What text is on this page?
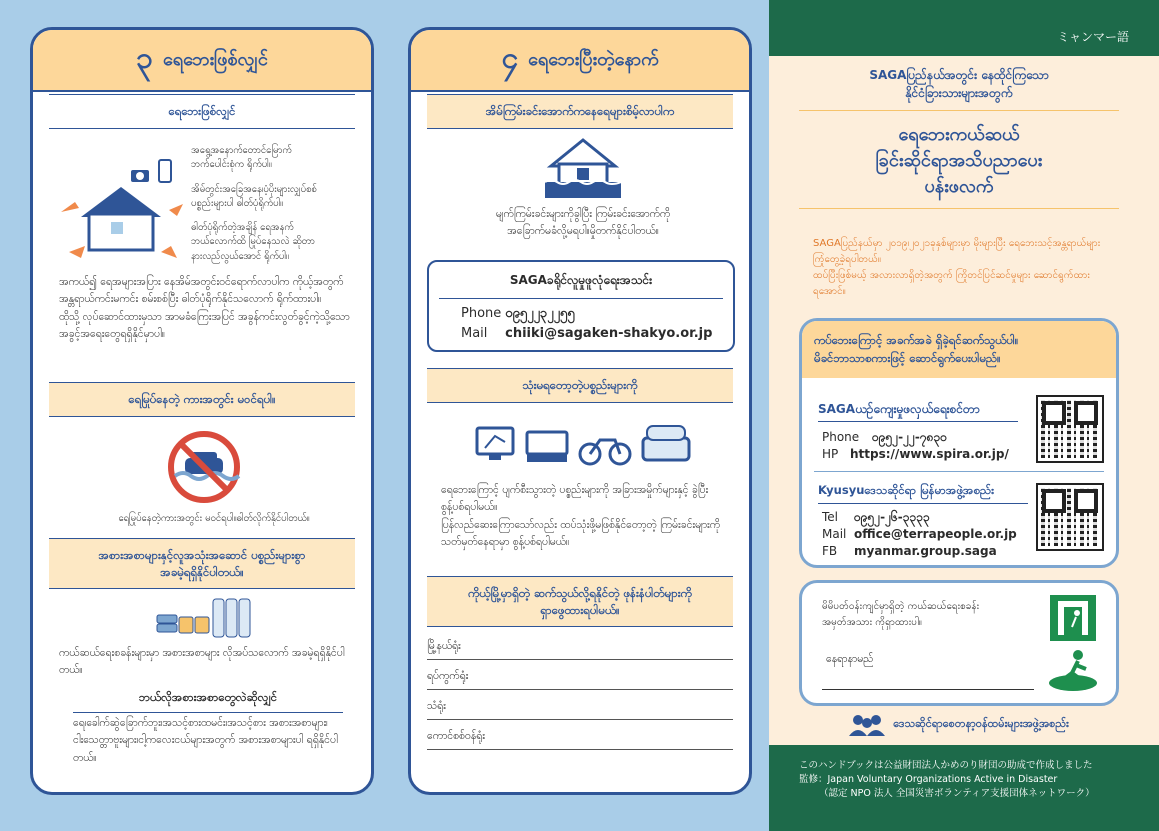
၃ ရေဘေးဖြစ်လျှင်
ရေဘေးဖြစ်လျှင်
အရွေ့အနောက်တောင်မြောက်
ဘက်ပေါင်းစုံက ရိုက်ပါ။
အိမ်တွင်းအခြေအနေ၊ပံ့ပိုးများလျှပ်စစ်
ပစ္စည်းများပါ ဓါတ်ပုံရိုက်ပါ။
ဓါတ်ပုံရိုက်တဲ့အချိန် ရေအနက်
ဘယ်လောက်ထိ မြုပ်နေသလဲ ဆိုတာ
နားလည်လွယ်အောင် ရိုက်ပါ။
အကယ်၍ ရေအများအပြား နေအိမ်အတွင်းဝင်ရောက်လာပါက ကိုယ့်အတွက်အန္တရာယ်ကင်းမကင်း စမ်းစစ်ပြီး ဓါတ်ပုံရိုက်နိုင်သလောက် ရိုက်ထားပါ။
ထိုသို့ လုပ်ဆောင်ထားမှသာ အာမခံကြေးအပြင် အခွန်ကင်းလွတ်ခွင့်ကဲ့သို့သော အခွင့်အရေးတွေရရှိနိုင်မှာပါ။
ရေမြုပ်နေတဲ့ ကားအတွင်း မဝင်ရပါ။
ရေမြုပ်နေတဲ့ကားအတွင်း မဝင်ရပါ။ဓါတ်လိုက်နိုင်ပါတယ်။
အစားအစာများနှင့်လူအသုံးအဆောင် ပစ္စည်းများစွာ
အခမဲ့ရရှိနိုင်ပါတယ်။
ကယ်ဆယ်ရေးစခန်းများမှာ အစားအစာများ လိုအပ်သလောက် အခမဲ့ရရှိနိုင်ပါတယ်။
ဘယ်လိုအစားအစာတွေလဲဆိုလျှင်
ရေ၊ခေါက်ဆွဲခြောက်ဘူး၊အသင့်စားထမင်း၊အသင့်စား အစားအစာများ၊ငါးသေတ္တာဗူးများ၊ငါ့ကလေးငယ်များအတွက် အစားအစာများပါ ရရှိနိုင်ပါတယ်။
၄ ရေဘေးပြီးတဲ့နောက်
အိမ်ကြမ်းခင်းအောက်ကနေရေများစိမ့်လာပါက
မျက်ကြမ်းခင်းများကိုခွါပြီး ကြမ်းခင်းအောက်ကို
အခြောက်မခံလို့မရပါ။မှိုတက်နိုင်ပါတယ်။
SAGAခရိုင်လူမှုဖူလုံရေးအသင်း
Phone ၀၉၅၂၂၃၂၂၅၅
Mail chiiki@sagaken-shakyo.or.jp
သုံးမရတော့တဲ့ပစ္စည်းများကို
ရေဘေးကြောင့် ပျက်စီးသွားတဲ့ ပစ္စည်းများကို အခြားအမှိုက်များနှင့် ခွဲပြီးစွန့်ပစ်ရပါမယ်။
ပြန်လည်ဆေးကြောသော်လည်း ထပ်သုံးဖို့မဖြစ်နိုင်တော့တဲ့ ကြမ်းခင်းများကို သတ်မှတ်နေရာမှာ စွန့်ပစ်ရပါမယ်။
ကိုယ့်မြို့မှာရှိတဲ့ ဆက်သွယ်လို့ရနိုင်တဲ့ ဖုန်းနံပါတ်များကို
ရှာဖွေထားရပါမယ်။
မြို့နယ်ရုံး
ရပ်ကွက်ရုံး
သံရုံး
ကောင်စစ်ဝန်ရုံး
ミャンマー語
SAGAပြည်နယ်အတွင်း နေထိုင်ကြသော
နိုင်ငံခြားသားများအတွက်
ရေဘေးကယ်ဆယ်
ခြင်းဆိုင်ရာအသိပညာပေး
ပန်းဖလက်
SAGAပြည်နယ်မှာ ၂၀၁၉၊၂၀၂၁ခုနှစ်များမှာ မိုးများပြီး ရေဘေးသင့်အန္တရာယ်များ ကြုံတွေ့ခဲ့ရပါတယ်။
ထပ်ပြီးဖြစ်မယ့် အလားလာရှိတဲ့အတွက် ကြိုတင်ပြင်ဆင်မှုများ ဆောင်ရွက်ထားရအောင်။
ကပ်ဘေးကြောင့် အခက်အခဲ ရှိခဲ့ရင်ဆက်သွယ်ပါ။
မိခင်ဘာသာစကားဖြင့် ဆောင်ရွက်ပေးပါမည်။
SAGAယဉ်ကျေးမှုဖလှယ်ရေးစင်တာ
Phone ၀၉၅၂-၂၂-၇၈၃၀
HP https://www.spira.or.jp/
Kyusyuဒေသဆိုင်ရာ မြန်မာအဖွဲ့အစည်း
Tel ၀၉၅၂-၂၆-၃၃၃၃
Mail office@terrapeople.or.jp
FB myanmar.group.saga
မိမိပတ်ဝန်းကျင်မှာရှိတဲ့ ကယ်ဆယ်ရေးစခန်း
အမှတ်အသား ကိုရှာထားပါ။
နေရာနာမည်
ဒေသဆိုင်ရာစေတနာ့ဝန်ထမ်းများအဖွဲ့အစည်း
このハンドブックは公益財団法人かめのり財団の助成で作成しました
監修：Japan Voluntary Organizations Active in Disaster
（認定 NPO 法人 全国災害ボランティア支援団体ネットワーク）
